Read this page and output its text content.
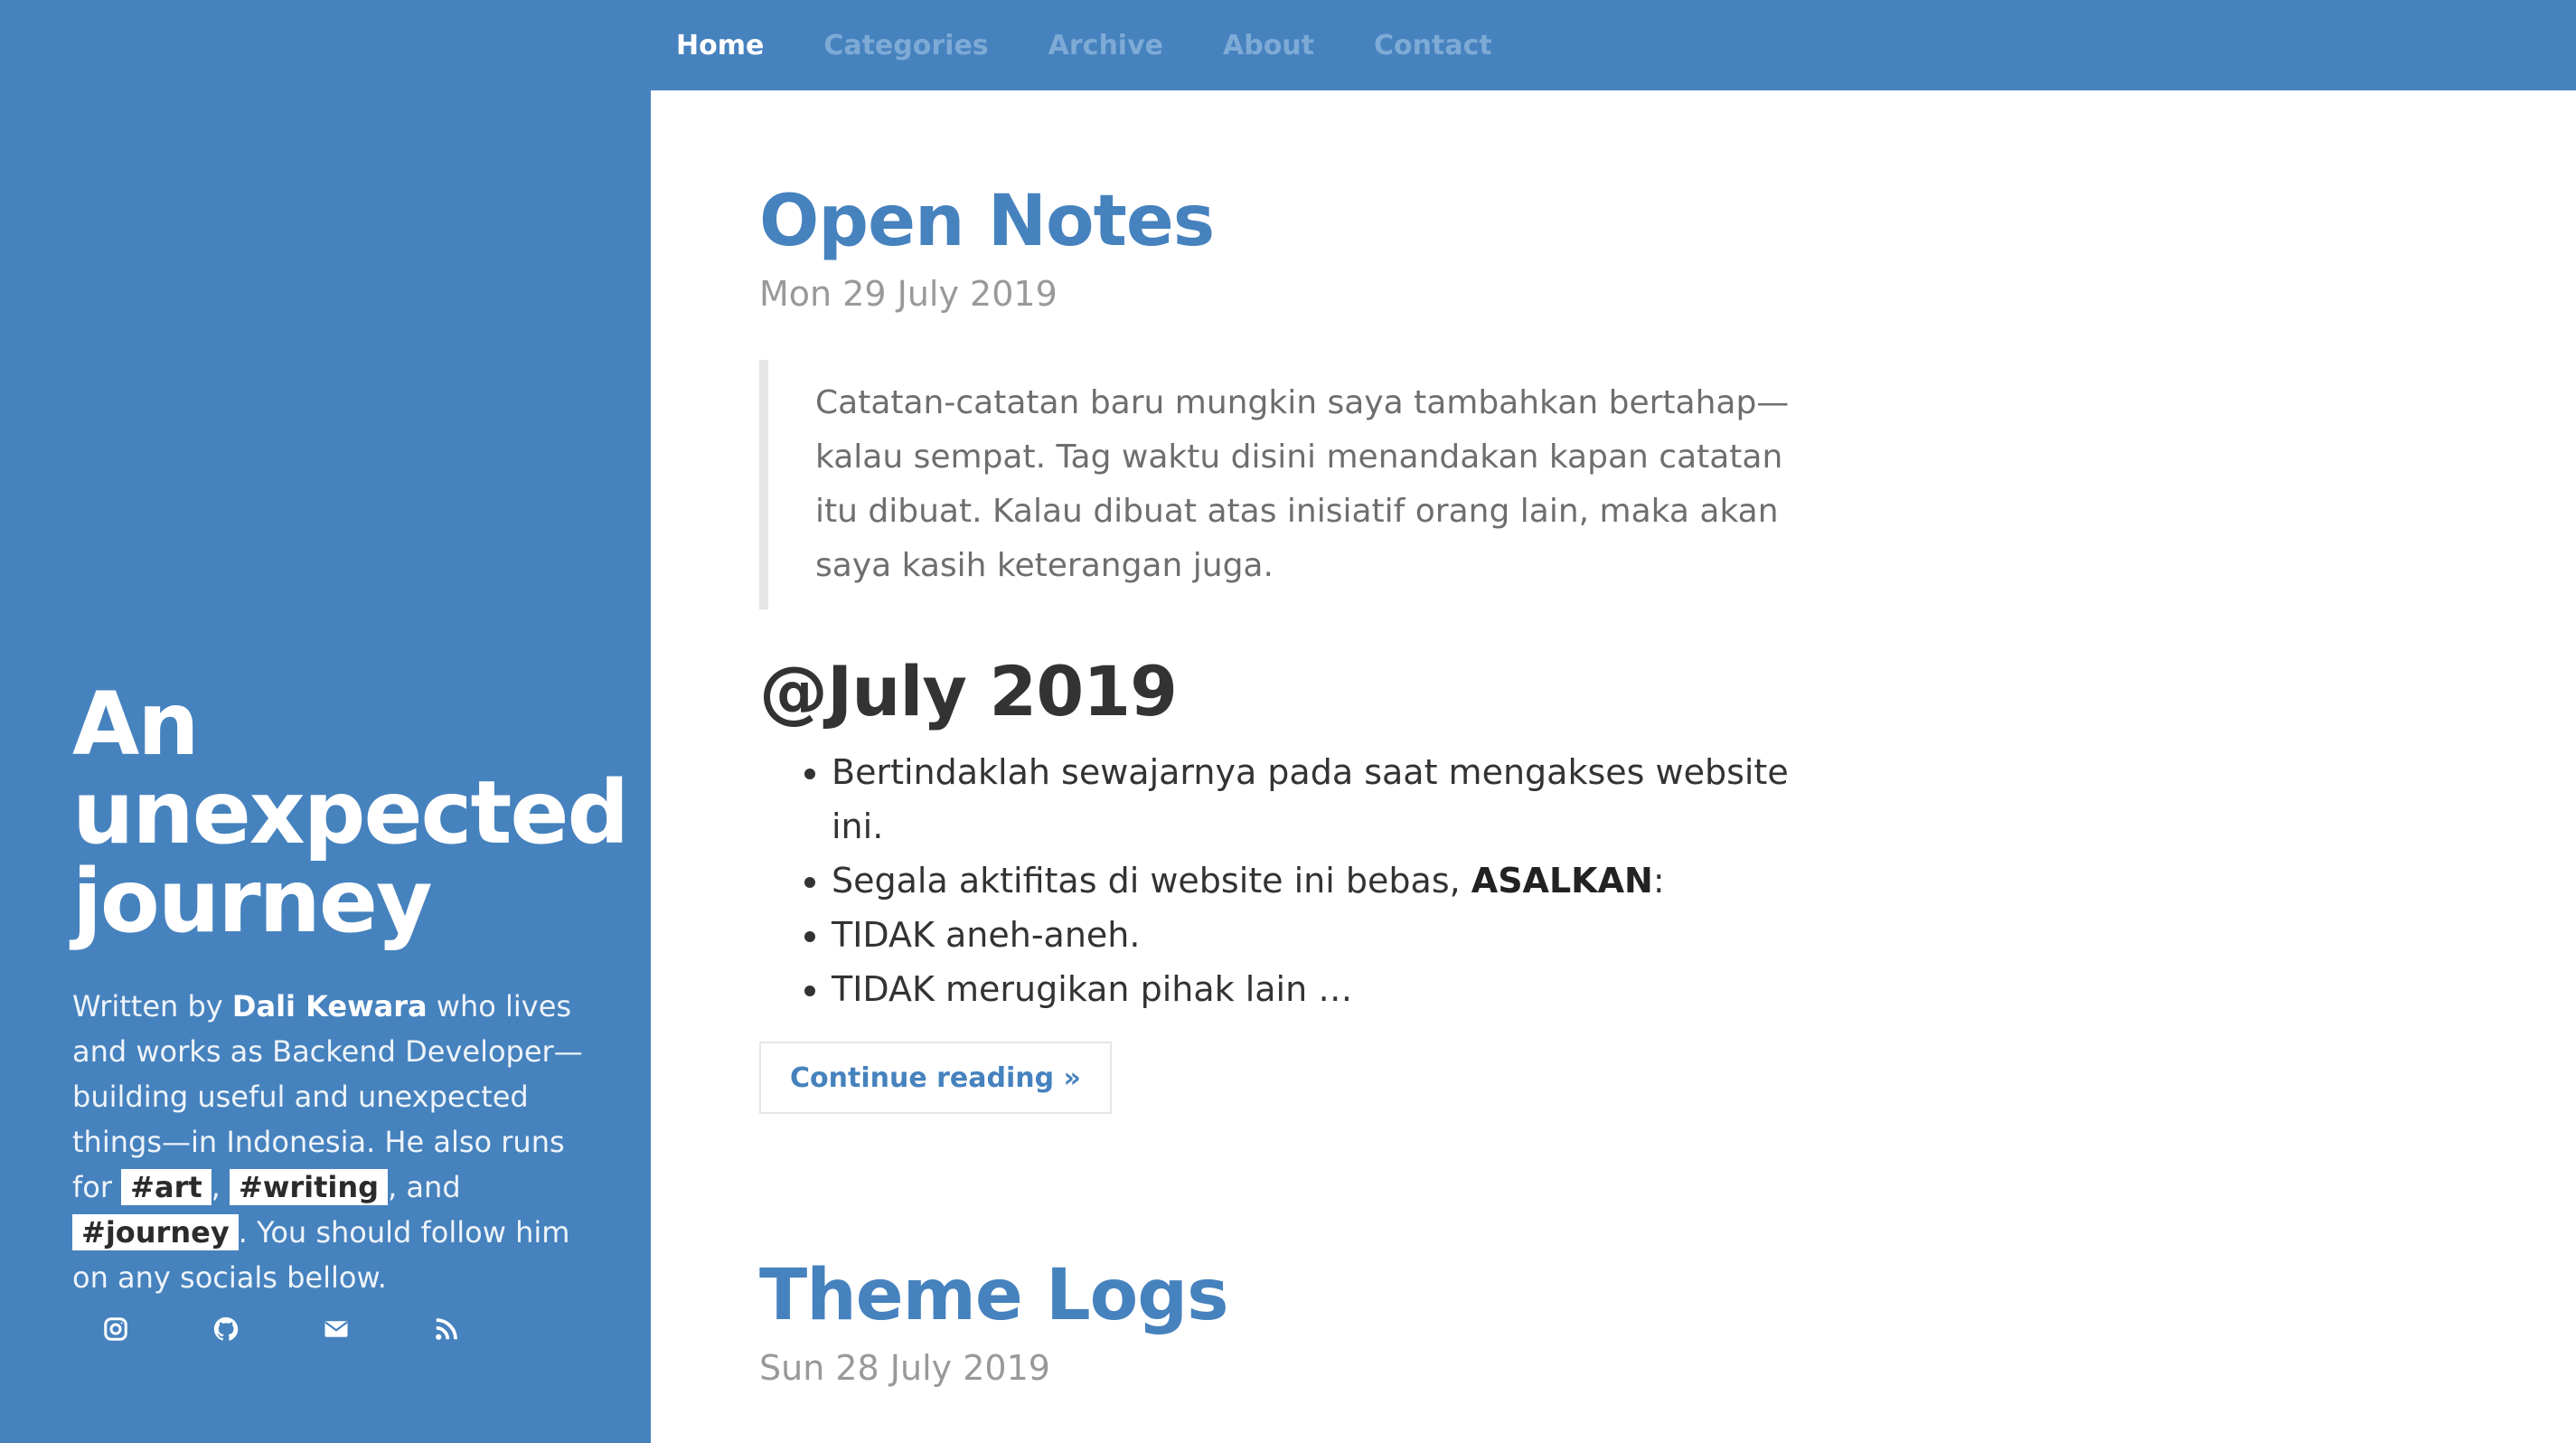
An
unexpected
journey

Written by Dali Kewara who lives and works as Backend Developer—building useful and unexpected things—in Indonesia. He also runs for #art , #writing , and #journey . You should follow him on any socials bellow.

Home Categories Archive About Contact
Open Notes

Mon 29 July 2019

Catatan-catatan baru mungkin saya tambahkan bertahap—kalau sempat. Tag waktu disini menandakan kapan catatan itu dibuat. Kalau dibuat atas inisiatif orang lain, maka akan saya kasih keterangan juga.
@July 2019
• Bertindaklah sewajarnya pada saat mengakses website ini.
• Segala aktifitas di website ini bebas, ASALKAN:
• TIDAK aneh-aneh.
• TIDAK merugikan pihak lain …
Continue reading »
Theme Logs

Sun 28 July 2019
